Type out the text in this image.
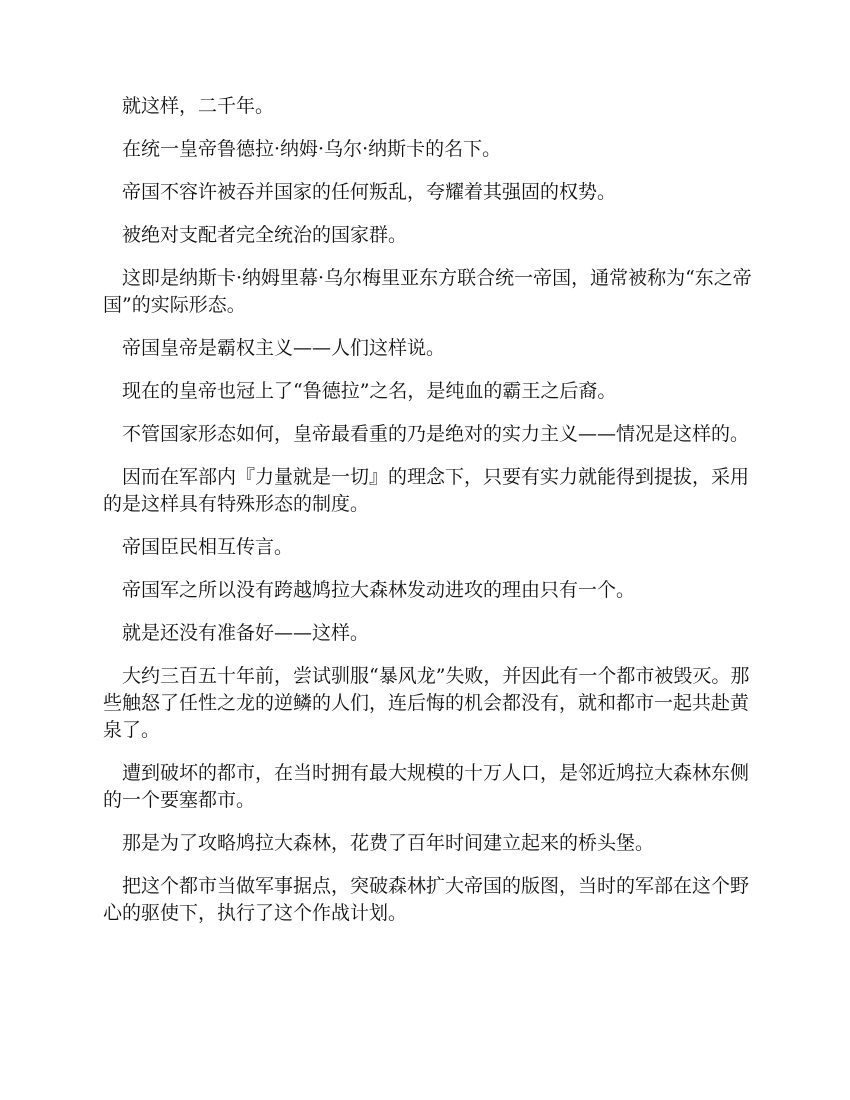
就这样，二千年。

在统一皇帝鲁德拉·纳姆·乌尔·纳斯卡的名下。

帝国不容许被吞并国家的任何叛乱，夸耀着其强固的权势。

被绝对支配者完全统治的国家群。

这即是纳斯卡·纳姆里幕·乌尔梅里亚东方联合统一帝国，通常被称为“东之帝国”的实际形态。

帝国皇帝是霸权主义——人们这样说。

现在的皇帝也冠上了“鲁德拉”之名，是纯血的霸王之后裔。

不管国家形态如何，皇帝最看重的乃是绝对的实力主义——情况是这样的。

因而在军部内『力量就是一切』的理念下，只要有实力就能得到提拔，采用的是这样具有特殊形态的制度。

帝国臣民相互传言。

帝国军之所以没有跨越鸠拉大森林发动进攻的理由只有一个。

就是还没有准备好——这样。

大约三百五十年前，尝试驯服“暴风龙”失败，并因此有一个都市被毁灭。那些触怒了任性之龙的逆鳞的人们，连后悔的机会都没有，就和都市一起共赴黄泉了。

遭到破坏的都市，在当时拥有最大规模的十万人口，是邻近鸠拉大森林东侧的一个要塞都市。

那是为了攻略鸠拉大森林，花费了百年时间建立起来的桥头堡。

把这个都市当做军事据点，突破森林扩大帝国的版图，当时的军部在这个野心的驱使下，执行了这个作战计划。
